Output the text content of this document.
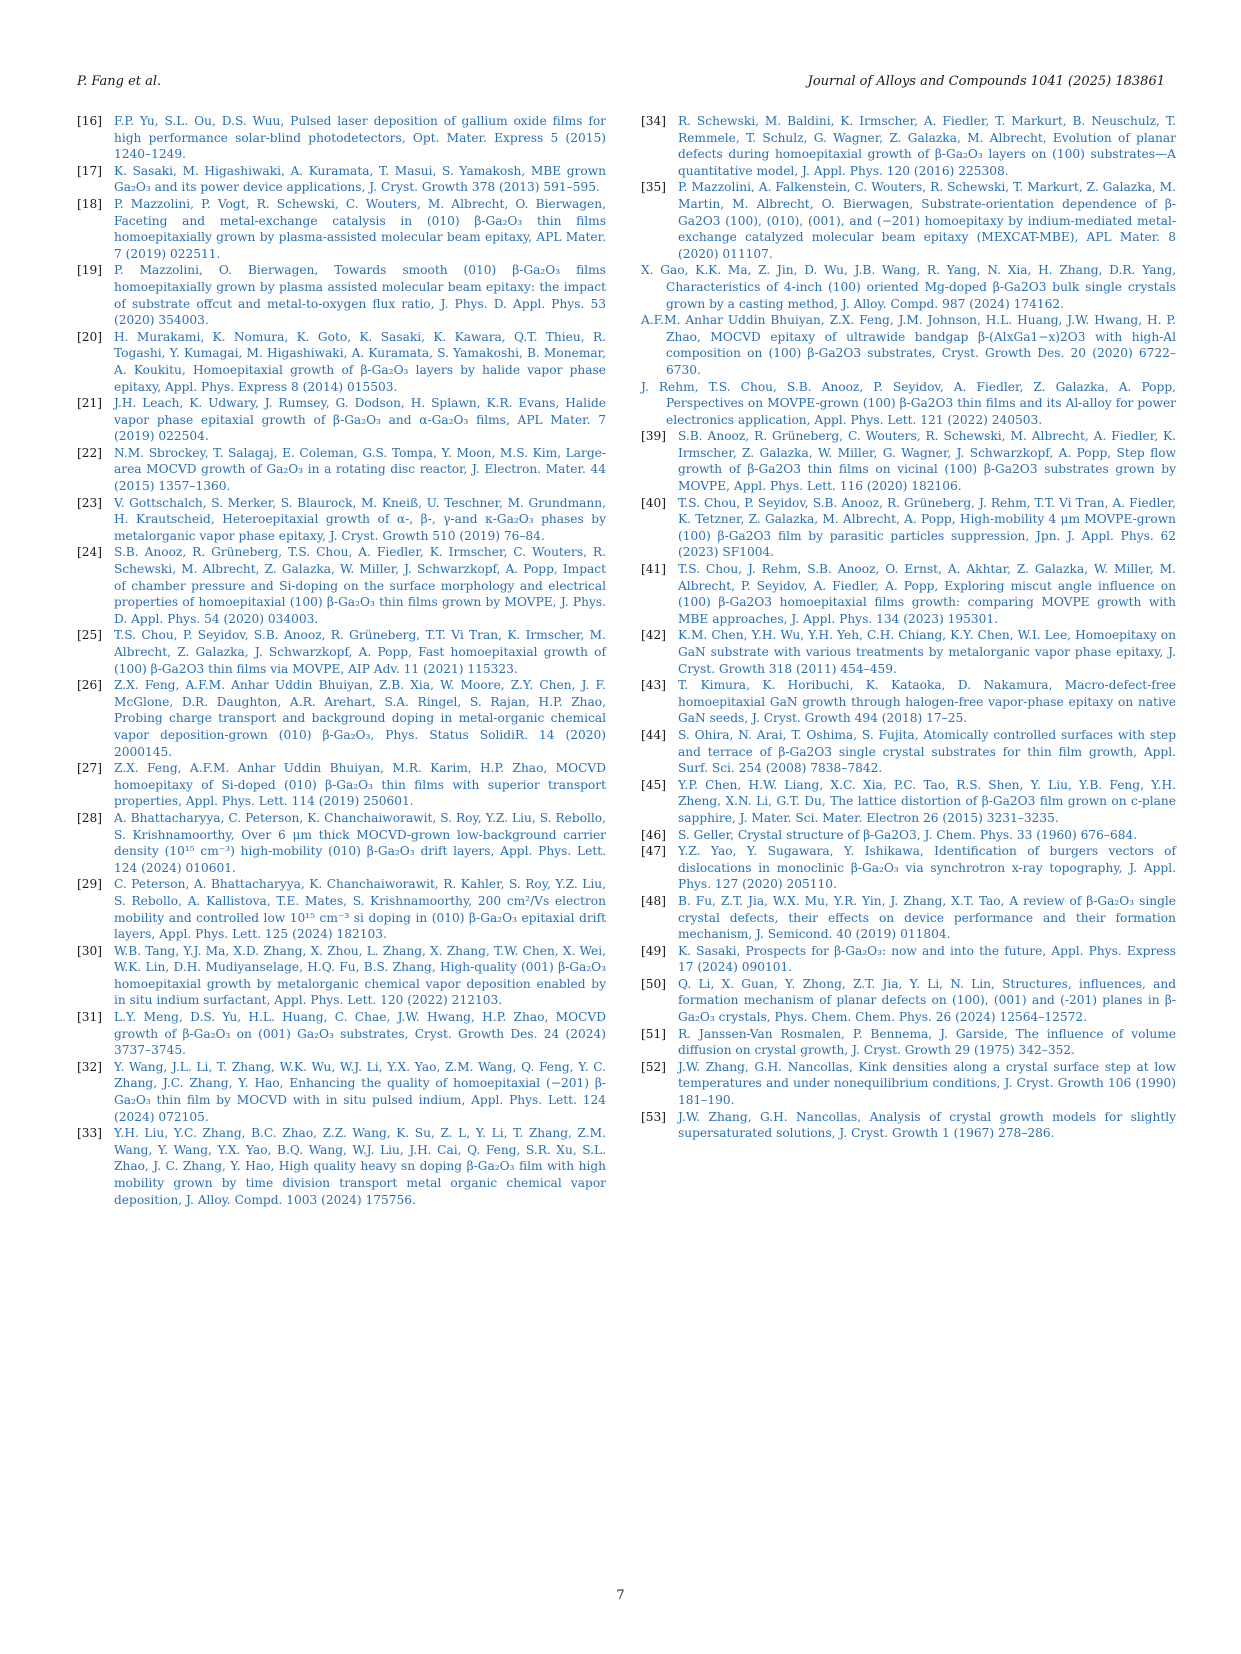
P. Fang et al.	Journal of Alloys and Compounds 1041 (2025) 183861
[16] F.P. Yu, S.L. Ou, D.S. Wuu, Pulsed laser deposition of gallium oxide films for high performance solar-blind photodetectors, Opt. Mater. Express 5 (2015) 1240–1249.
[17] K. Sasaki, M. Higashiwaki, A. Kuramata, T. Masui, S. Yamakosh, MBE grown Ga₂O₃ and its power device applications, J. Cryst. Growth 378 (2013) 591–595.
[18] P. Mazzolini, P. Vogt, R. Schewski, C. Wouters, M. Albrecht, O. Bierwagen, Faceting and metal-exchange catalysis in (010) β-Ga₂O₃ thin films homoepitaxially grown by plasma-assisted molecular beam epitaxy, APL Mater. 7 (2019) 022511.
[19] P. Mazzolini, O. Bierwagen, Towards smooth (010) β-Ga₂O₃ films homoepitaxially grown by plasma assisted molecular beam epitaxy: the impact of substrate offcut and metal-to-oxygen flux ratio, J. Phys. D. Appl. Phys. 53 (2020) 354003.
[20] H. Murakami, K. Nomura, K. Goto, K. Sasaki, K. Kawara, Q.T. Thieu, R. Togashi, Y. Kumagai, M. Higashiwaki, A. Kuramata, S. Yamakoshi, B. Monemar, A. Koukitu, Homoepitaxial growth of β-Ga₂O₃ layers by halide vapor phase epitaxy, Appl. Phys. Express 8 (2014) 015503.
[21] J.H. Leach, K. Udwary, J. Rumsey, G. Dodson, H. Splawn, K.R. Evans, Halide vapor phase epitaxial growth of β-Ga₂O₃ and α-Ga₂O₃ films, APL Mater. 7 (2019) 022504.
[22] N.M. Sbrockey, T. Salagaj, E. Coleman, G.S. Tompa, Y. Moon, M.S. Kim, Large-area MOCVD growth of Ga₂O₃ in a rotating disc reactor, J. Electron. Mater. 44 (2015) 1357–1360.
[23] V. Gottschalch, S. Merker, S. Blaurock, M. Kneiß, U. Teschner, M. Grundmann, H. Krautscheid, Heteroepitaxial growth of α-, β-, γ-and κ-Ga₂O₃ phases by metalorganic vapor phase epitaxy, J. Cryst. Growth 510 (2019) 76–84.
[24] S.B. Anooz, R. Grüneberg, T.S. Chou, A. Fiedler, K. Irmscher, C. Wouters, R. Schewski, M. Albrecht, Z. Galazka, W. Miller, J. Schwarzkopf, A. Popp, Impact of chamber pressure and Si-doping on the surface morphology and electrical properties of homoepitaxial (100) β-Ga₂O₃ thin films grown by MOVPE, J. Phys. D. Appl. Phys. 54 (2020) 034003.
[25] T.S. Chou, P. Seyidov, S.B. Anooz, R. Grüneberg, T.T. Vi Tran, K. Irmscher, M. Albrecht, Z. Galazka, J. Schwarzkopf, A. Popp, Fast homoepitaxial growth of (100) β-Ga2O3 thin films via MOVPE, AIP Adv. 11 (2021) 115323.
[26] Z.X. Feng, A.F.M. Anhar Uddin Bhuiyan, Z.B. Xia, W. Moore, Z.Y. Chen, J. F. McGlone, D.R. Daughton, A.R. Arehart, S.A. Ringel, S. Rajan, H.P. Zhao, Probing charge transport and background doping in metal-organic chemical vapor deposition-grown (010) β-Ga₂O₃, Phys. Status SolidiR. 14 (2020) 2000145.
[27] Z.X. Feng, A.F.M. Anhar Uddin Bhuiyan, M.R. Karim, H.P. Zhao, MOCVD homoepitaxy of Si-doped (010) β-Ga₂O₃ thin films with superior transport properties, Appl. Phys. Lett. 114 (2019) 250601.
[28] A. Bhattacharyya, C. Peterson, K. Chanchaiworawit, S. Roy, Y.Z. Liu, S. Rebollo, S. Krishnamoorthy, Over 6 μm thick MOCVD-grown low-background carrier density (10¹⁵ cm⁻³) high-mobility (010) β-Ga₂O₃ drift layers, Appl. Phys. Lett. 124 (2024) 010601.
[29] C. Peterson, A. Bhattacharyya, K. Chanchaiworawit, R. Kahler, S. Roy, Y.Z. Liu, S. Rebollo, A. Kallistova, T.E. Mates, S. Krishnamoorthy, 200 cm²/Vs electron mobility and controlled low 10¹⁵ cm⁻³ si doping in (010) β-Ga₂O₃ epitaxial drift layers, Appl. Phys. Lett. 125 (2024) 182103.
[30] W.B. Tang, Y.J. Ma, X.D. Zhang, X. Zhou, L. Zhang, X. Zhang, T.W. Chen, X. Wei, W.K. Lin, D.H. Mudiyanselage, H.Q. Fu, B.S. Zhang, High-quality (001) β-Ga₂O₃ homoepitaxial growth by metalorganic chemical vapor deposition enabled by in situ indium surfactant, Appl. Phys. Lett. 120 (2022) 212103.
[31] L.Y. Meng, D.S. Yu, H.L. Huang, C. Chae, J.W. Hwang, H.P. Zhao, MOCVD growth of β-Ga₂O₃ on (001) Ga₂O₃ substrates, Cryst. Growth Des. 24 (2024) 3737–3745.
[32] Y. Wang, J.L. Li, T. Zhang, W.K. Wu, W.J. Li, Y.X. Yao, Z.M. Wang, Q. Feng, Y. C. Zhang, J.C. Zhang, Y. Hao, Enhancing the quality of homoepitaxial (−201) β-Ga₂O₃ thin film by MOCVD with in situ pulsed indium, Appl. Phys. Lett. 124 (2024) 072105.
[33] Y.H. Liu, Y.C. Zhang, B.C. Zhao, Z.Z. Wang, K. Su, Z. L, Y. Li, T. Zhang, Z.M. Wang, Y. Wang, Y.X. Yao, B.Q. Wang, W.J. Liu, J.H. Cai, Q. Feng, S.R. Xu, S.L. Zhao, J. C. Zhang, Y. Hao, High quality heavy sn doping β-Ga₂O₃ film with high mobility grown by time division transport metal organic chemical vapor deposition, J. Alloy. Compd. 1003 (2024) 175756.
[34] R. Schewski, M. Baldini, K. Irmscher, A. Fiedler, T. Markurt, B. Neuschulz, T. Remmele, T. Schulz, G. Wagner, Z. Galazka, M. Albrecht, Evolution of planar defects during homoepitaxial growth of β-Ga₂O₃ layers on (100) substrates—A quantitative model, J. Appl. Phys. 120 (2016) 225308.
[35] P. Mazzolini, A. Falkenstein, C. Wouters, R. Schewski, T. Markurt, Z. Galazka, M. Martin, M. Albrecht, O. Bierwagen, Substrate-orientation dependence of β-Ga2O3 (100), (010), (001), and (−201) homoepitaxy by indium-mediated metal-exchange catalyzed molecular beam epitaxy (MEXCAT-MBE), APL Mater. 8 (2020) 011107.
X. Gao, K.K. Ma, Z. Jin, D. Wu, J.B. Wang, R. Yang, N. Xia, H. Zhang, D.R. Yang, Characteristics of 4-inch (100) oriented Mg-doped β-Ga2O3 bulk single crystals grown by a casting method, J. Alloy. Compd. 987 (2024) 174162.
A.F.M. Anhar Uddin Bhuiyan, Z.X. Feng, J.M. Johnson, H.L. Huang, J.W. Hwang, H. P. Zhao, MOCVD epitaxy of ultrawide bandgap β-(AlxGa1−x)2O3 with high-Al composition on (100) β-Ga2O3 substrates, Cryst. Growth Des. 20 (2020) 6722–6730.
J. Rehm, T.S. Chou, S.B. Anooz, P. Seyidov, A. Fiedler, Z. Galazka, A. Popp, Perspectives on MOVPE-grown (100) β-Ga2O3 thin films and its Al-alloy for power electronics application, Appl. Phys. Lett. 121 (2022) 240503.
[39] S.B. Anooz, R. Grüneberg, C. Wouters, R. Schewski, M. Albrecht, A. Fiedler, K. Irmscher, Z. Galazka, W. Miller, G. Wagner, J. Schwarzkopf, A. Popp, Step flow growth of β-Ga2O3 thin films on vicinal (100) β-Ga2O3 substrates grown by MOVPE, Appl. Phys. Lett. 116 (2020) 182106.
[40] T.S. Chou, P. Seyidov, S.B. Anooz, R. Grüneberg, J. Rehm, T.T. Vi Tran, A. Fiedler, K. Tetzner, Z. Galazka, M. Albrecht, A. Popp, High-mobility 4 μm MOVPE-grown (100) β-Ga2O3 film by parasitic particles suppression, Jpn. J. Appl. Phys. 62 (2023) SF1004.
[41] T.S. Chou, J. Rehm, S.B. Anooz, O. Ernst, A. Akhtar, Z. Galazka, W. Miller, M. Albrecht, P. Seyidov, A. Fiedler, A. Popp, Exploring miscut angle influence on (100) β-Ga2O3 homoepitaxial films growth: comparing MOVPE growth with MBE approaches, J. Appl. Phys. 134 (2023) 195301.
[42] K.M. Chen, Y.H. Wu, Y.H. Yeh, C.H. Chiang, K.Y. Chen, W.I. Lee, Homoepitaxy on GaN substrate with various treatments by metalorganic vapor phase epitaxy, J. Cryst. Growth 318 (2011) 454–459.
[43] T. Kimura, K. Horibuchi, K. Kataoka, D. Nakamura, Macro-defect-free homoepitaxial GaN growth through halogen-free vapor-phase epitaxy on native GaN seeds, J. Cryst. Growth 494 (2018) 17–25.
[44] S. Ohira, N. Arai, T. Oshima, S. Fujita, Atomically controlled surfaces with step and terrace of β-Ga2O3 single crystal substrates for thin film growth, Appl. Surf. Sci. 254 (2008) 7838–7842.
[45] Y.P. Chen, H.W. Liang, X.C. Xia, P.C. Tao, R.S. Shen, Y. Liu, Y.B. Feng, Y.H. Zheng, X.N. Li, G.T. Du, The lattice distortion of β-Ga2O3 film grown on c-plane sapphire, J. Mater. Sci. Mater. Electron 26 (2015) 3231–3235.
[46] S. Geller, Crystal structure of β-Ga2O3, J. Chem. Phys. 33 (1960) 676–684.
[47] Y.Z. Yao, Y. Sugawara, Y. Ishikawa, Identification of burgers vectors of dislocations in monoclinic β-Ga₂O₃ via synchrotron x-ray topography, J. Appl. Phys. 127 (2020) 205110.
[48] B. Fu, Z.T. Jia, W.X. Mu, Y.R. Yin, J. Zhang, X.T. Tao, A review of β-Ga₂O₃ single crystal defects, their effects on device performance and their formation mechanism, J. Semicond. 40 (2019) 011804.
[49] K. Sasaki, Prospects for β-Ga₂O₃: now and into the future, Appl. Phys. Express 17 (2024) 090101.
[50] Q. Li, X. Guan, Y. Zhong, Z.T. Jia, Y. Li, N. Lin, Structures, influences, and formation mechanism of planar defects on (100), (001) and (-201) planes in β-Ga₂O₃ crystals, Phys. Chem. Chem. Phys. 26 (2024) 12564–12572.
[51] R. Janssen-Van Rosmalen, P. Bennema, J. Garside, The influence of volume diffusion on crystal growth, J. Cryst. Growth 29 (1975) 342–352.
[52] J.W. Zhang, G.H. Nancollas, Kink densities along a crystal surface step at low temperatures and under nonequilibrium conditions, J. Cryst. Growth 106 (1990) 181–190.
[53] J.W. Zhang, G.H. Nancollas, Analysis of crystal growth models for slightly supersaturated solutions, J. Cryst. Growth 1 (1967) 278–286.
7
